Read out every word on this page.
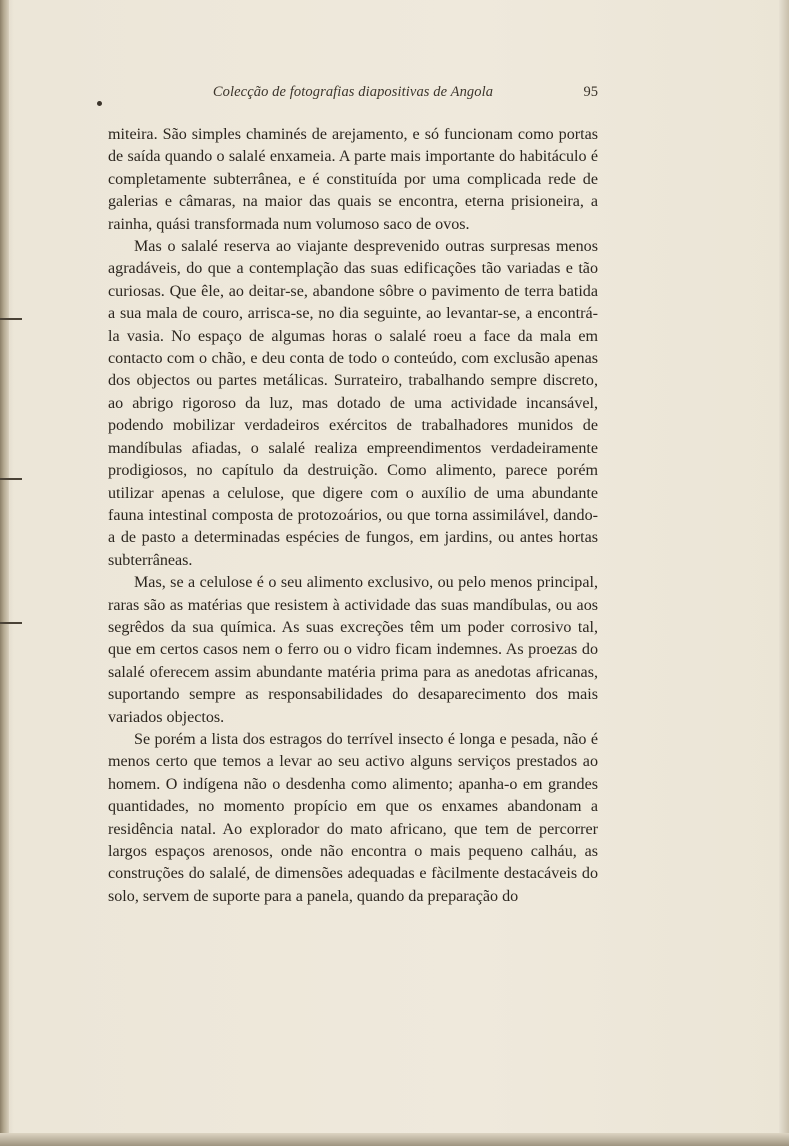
Colecção de fotografias diapositivas de Angola	95

miteira. São simples chaminés de arejamento, e só funcionam como portas de saída quando o salalé enxameia. A parte mais importante do habitáculo é completamente subterrânea, e é constituída por uma complicada rede de galerias e câmaras, na maior das quais se encontra, eterna prisioneira, a rainha, quási transformada num volumoso saco de ovos.

Mas o salalé reserva ao viajante desprevenido outras surpresas menos agradáveis, do que a contemplação das suas edificações tão variadas e tão curiosas. Que êle, ao deitar-se, abandone sôbre o pavimento de terra batida a sua mala de couro, arrisca-se, no dia seguinte, ao levantar-se, a encontrá-la vasia. No espaço de algumas horas o salalé roeu a face da mala em contacto com o chão, e deu conta de todo o conteúdo, com exclusão apenas dos objectos ou partes metálicas. Surrateiro, trabalhando sempre discreto, ao abrigo rigoroso da luz, mas dotado de uma actividade incansável, podendo mobilizar verdadeiros exércitos de trabalhadores munidos de mandíbulas afiadas, o salalé realiza empreendimentos verdadeiramente prodigiosos, no capítulo da destruição. Como alimento, parece porém utilizar apenas a celulose, que digere com o auxílio de uma abundante fauna intestinal composta de protozoários, ou que torna assimilável, dando-a de pasto a determinadas espécies de fungos, em jardins, ou antes hortas subterrâneas.

Mas, se a celulose é o seu alimento exclusivo, ou pelo menos principal, raras são as matérias que resistem à actividade das suas mandíbulas, ou aos segrêdos da sua química. As suas excreções têm um poder corrosivo tal, que em certos casos nem o ferro ou o vidro ficam indemnes. As proezas do salalé oferecem assim abundante matéria prima para as anedotas africanas, suportando sempre as responsabilidades do desaparecimento dos mais variados objectos.

Se porém a lista dos estragos do terrível insecto é longa e pesada, não é menos certo que temos a levar ao seu activo alguns serviços prestados ao homem. O indígena não o desdenha como alimento; apanha-o em grandes quantidades, no momento propício em que os enxames abandonam a residência natal. Ao explorador do mato africano, que tem de percorrer largos espaços arenosos, onde não encontra o mais pequeno calháu, as construções do salalé, de dimensões adequadas e fàcilmente destacáveis do solo, servem de suporte para a panela, quando da preparação do
